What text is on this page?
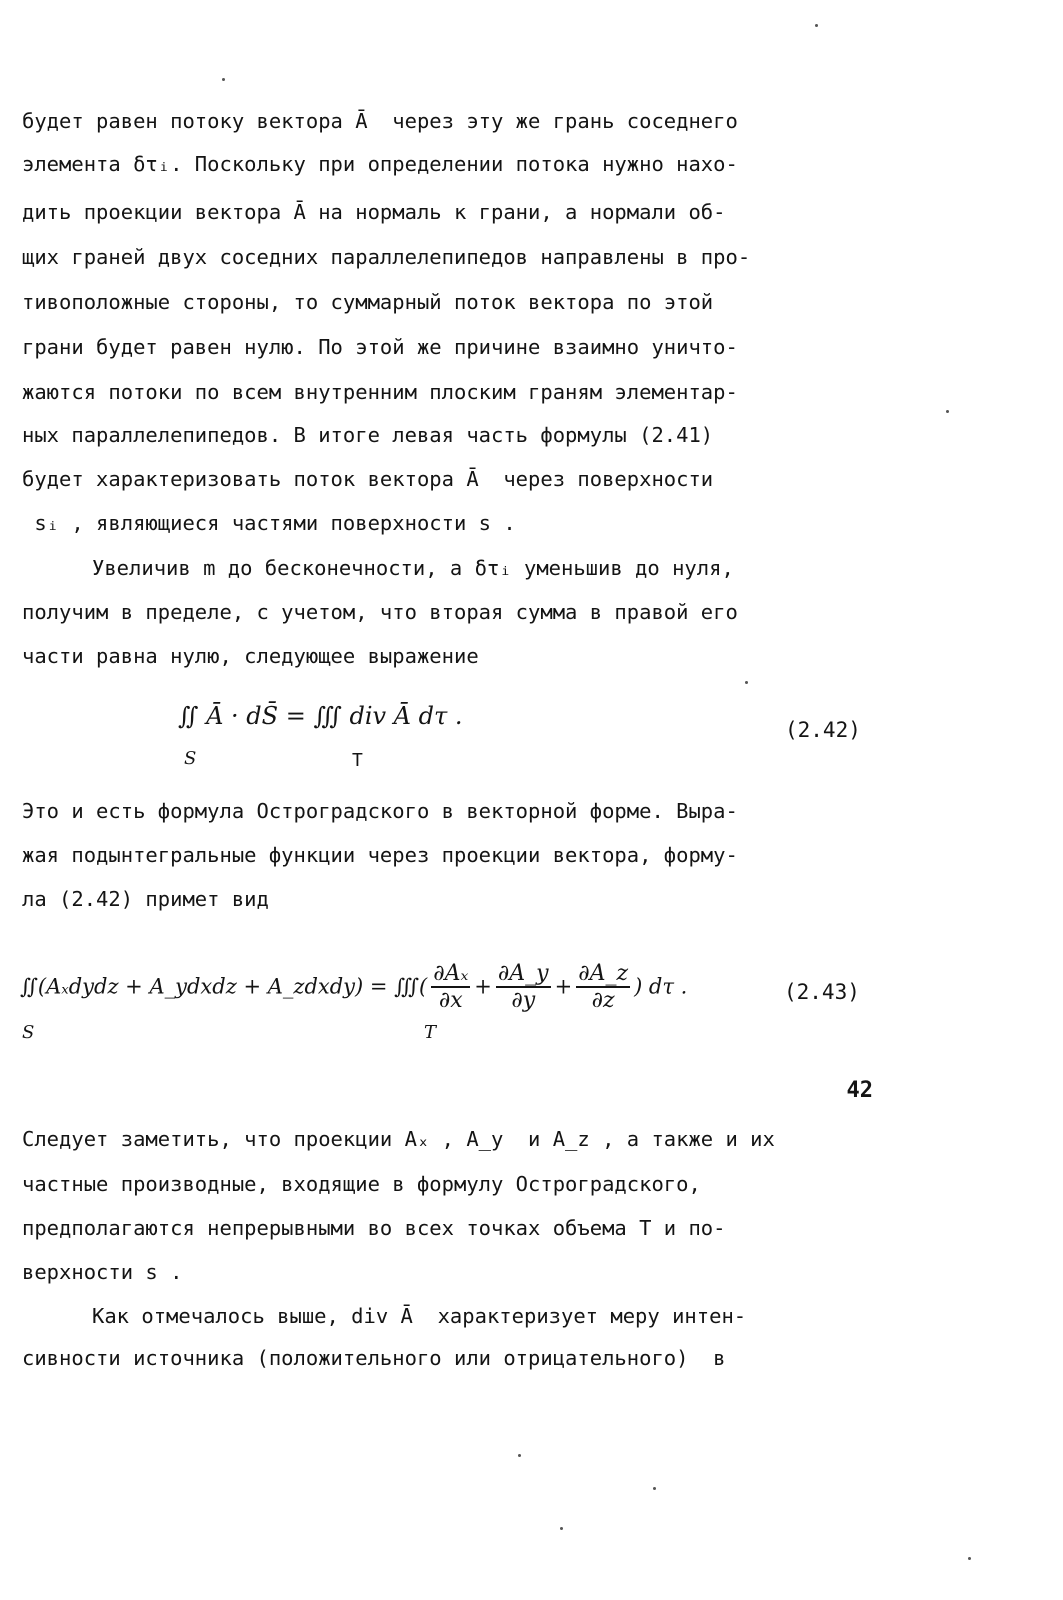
будет равен потоку вектора Ā  через эту же грань соседнего
элемента δτᵢ. Поскольку при определении потока нужно нахо-
дить проекции вектора Ā на нормаль к грани, а нормали об-
щих граней двух соседних параллелепипедов направлены в про-
тивоположные стороны, то суммарный поток вектора по этой
грани будет равен нулю. По этой же причине взаимно уничто-
жаются потоки по всем внутренним плоским граням элементар-
ных параллелепипедов. В итоге левая часть формулы (2.41)
будет характеризовать поток вектора Ā  через поверхности
sᵢ , являющиеся частями поверхности s .
Увеличив m до бесконечности, а δτᵢ уменьшив до нуля,
получим в пределе, с учетом, что вторая сумма в правой его
части равна нулю, следующее выражение
∬ Ā · dS̄ = ∭ div Ā dτ .
S	T
(2.42)
Это и есть формула Остроградского в векторной форме. Выра-
жая подынтегральные функции через проекции вектора, форму-
ла (2.42) примет вид
∬(Aₓdydz + A_ydxdz + A_zdxdy) = ∭( $\frac{\text{∂Aₓ}}{\partial x} + \frac{\partial A\_y}{\partial y} + \frac{\partial A\_z}{\partial z}$ ) dτ .
S	T
(2.43)
Следует заметить, что проекции Aₓ , A_y  и A_z , а также и их
частные производные, входящие в формулу Остроградского,
предполагаются непрерывными во всех точках объема T и по-
верхности s .
Как отмечалось выше, div Ā  характеризует меру интен-
сивности источника (положительного или отрицательного)  в
42
